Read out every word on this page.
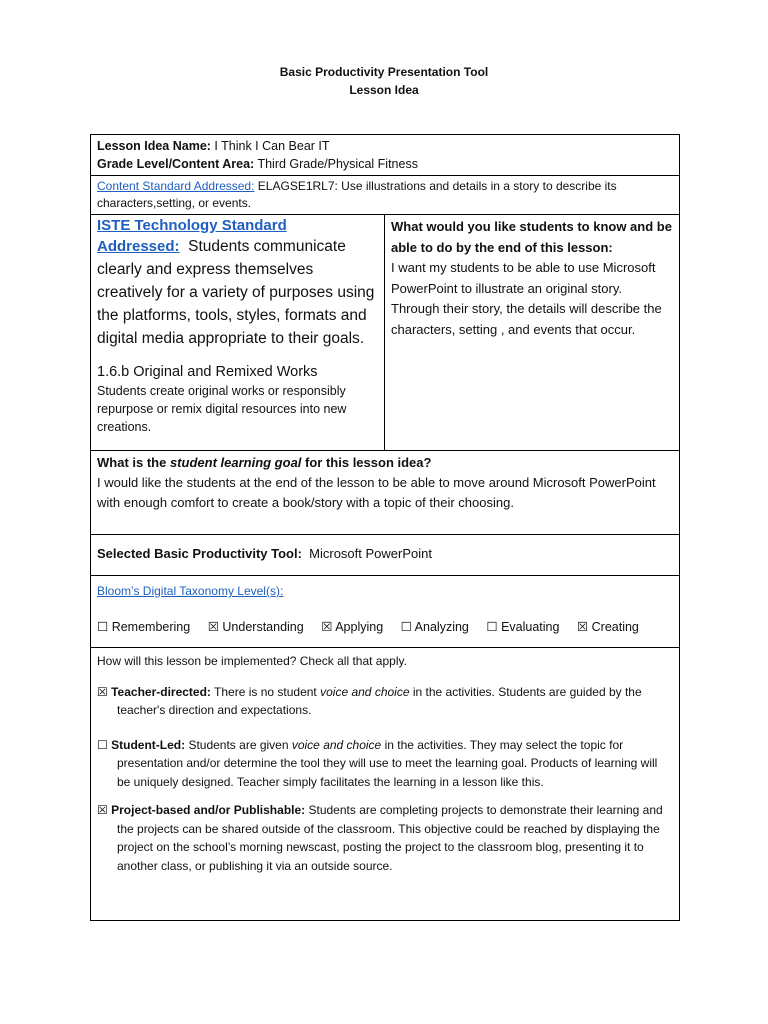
Basic Productivity Presentation Tool
Lesson Idea
Lesson Idea Name: I Think I Can Bear IT
Grade Level/Content Area: Third Grade/Physical Fitness

Content Standard Addressed: ELAGSE1RL7: Use illustrations and details in a story to describe its characters,setting, or events.

ISTE Technology Standard
Addressed: Students communicate clearly and express themselves creatively for a variety of purposes using the platforms, tools, styles, formats and digital media appropriate to their goals.
1.6.b Original and Remixed Works
Students create original works or responsibly repurpose or remix digital resources into new creations.

What would you like students to know and be able to do by the end of this lesson:
I want my students to be able to use Microsoft PowerPoint to illustrate an original story. Through their story, the details will describe the characters, setting , and events that occur.

What is the student learning goal for this lesson idea?
I would like the students at the end of the lesson to be able to move around Microsoft PowerPoint with enough comfort to create a book/story with a topic of their choosing.

Selected Basic Productivity Tool: Microsoft PowerPoint

Bloom’s Digital Taxonomy Level(s):
☐ Remembering ☒ Understanding ☒ Applying ☐ Analyzing ☐ Evaluating ☒ Creating

How will this lesson be implemented? Check all that apply.

☒ Teacher-directed: There is no student voice and choice in the activities. Students are guided by the teacher's direction and expectations.

☐ Student-Led: Students are given voice and choice in the activities. They may select the topic for presentation and/or determine the tool they will use to meet the learning goal. Products of learning will be uniquely designed. Teacher simply facilitates the learning in a lesson like this.

☒ Project-based and/or Publishable: Students are completing projects to demonstrate their learning and the projects can be shared outside of the classroom. This objective could be reached by displaying the project on the school’s morning newscast, posting the project to the classroom blog, presenting it to another class, or publishing it via an outside source.
